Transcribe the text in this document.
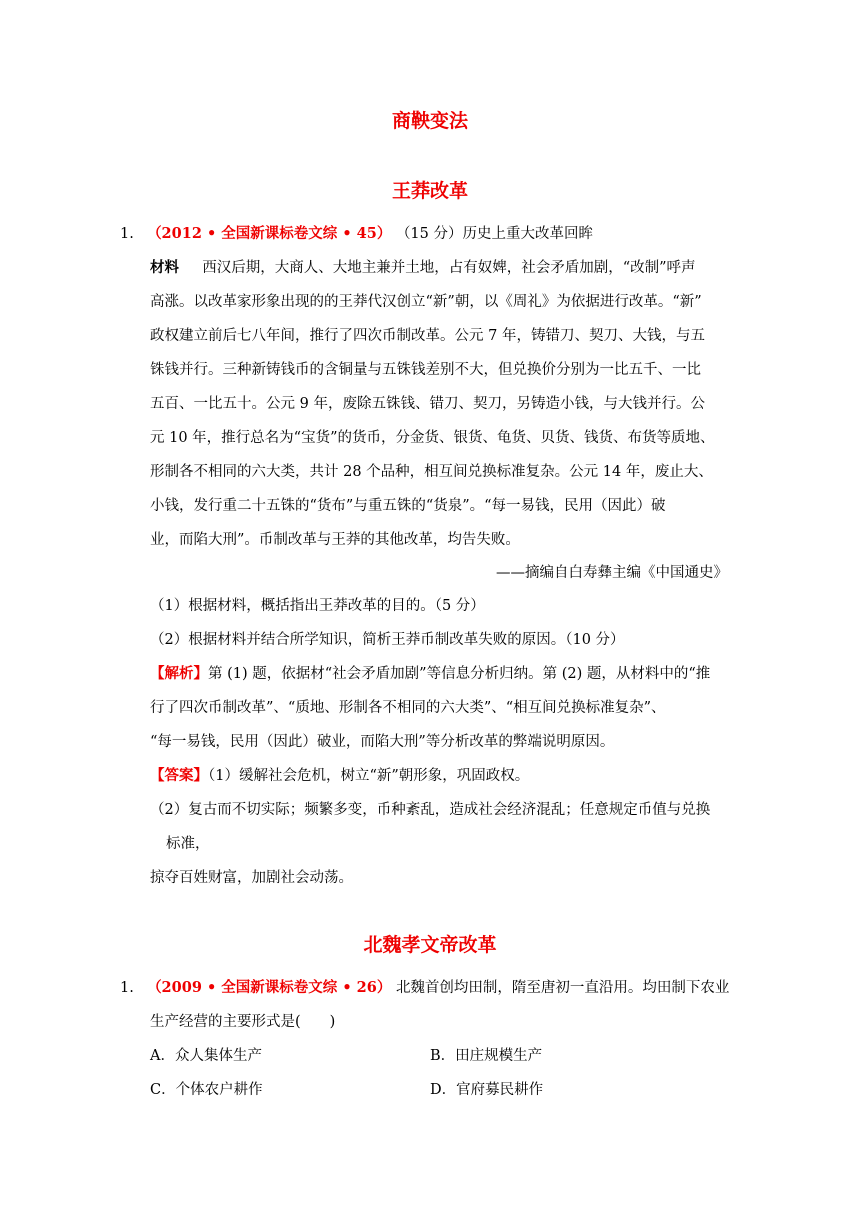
商鞅变法
王莽改革
1. （2012 • 全国新课标卷文综 • 45） （15 分）历史上重大改革回眸
材料 西汉后期，大商人、大地主兼并土地，占有奴婢，社会矛盾加剧，“改制”呼声
高涨。以改革家形象出现的的王莽代汉创立“新”朝，以《周礼》为依据进行改革。“新”
政权建立前后七八年间，推行了四次币制改革。公元 7 年，铸错刀、契刀、大钱，与五
铢钱并行。三种新铸钱币的含铜量与五铢钱差别不大，但兑换价分别为一比五千、一比
五百、一比五十。公元 9 年，废除五铢钱、错刀、契刀，另铸造小钱，与大钱并行。公
元 10 年，推行总名为“宝货”的货币，分金货、银货、龟货、贝货、钱货、布货等质地、
形制各不相同的六大类，共计 28 个品种，相互间兑换标准复杂。公元 14 年，废止大、
小钱，发行重二十五铢的“货布”与重五铢的“货泉”。“每一易钱，民用（因此）破
业，而陷大刑”。币制改革与王莽的其他改革，均告失败。
——摘编自白寿彝主编《中国通史》
（1）根据材料，概括指出王莽改革的目的。（5 分）
（2）根据材料并结合所学知识，简析王莽币制改革失败的原因。（10 分）
【解析】第 (1) 题，依据材“社会矛盾加剧”等信息分析归纳。第 (2) 题，从材料中的“推
行了四次币制改革”、“质地、形制各不相同的六大类”、“相互间兑换标准复杂”、
“每一易钱，民用（因此）破业，而陷大刑”等分析改革的弊端说明原因。
【答案】（1）缓解社会危机，树立“新”朝形象，巩固政权。
（2）复古而不切实际；频繁多变，币种紊乱，造成社会经济混乱；任意规定币值与兑换
标准，
掠夺百姓财富，加剧社会动荡。
北魏孝文帝改革
1. （2009 • 全国新课标卷文综 • 26） 北魏首创均田制，隋至唐初一直沿用。均田制下农业
生产经营的主要形式是(　　)
A．众人集体生产	B．田庄规模生产
C．个体农户耕作	D．官府募民耕作
